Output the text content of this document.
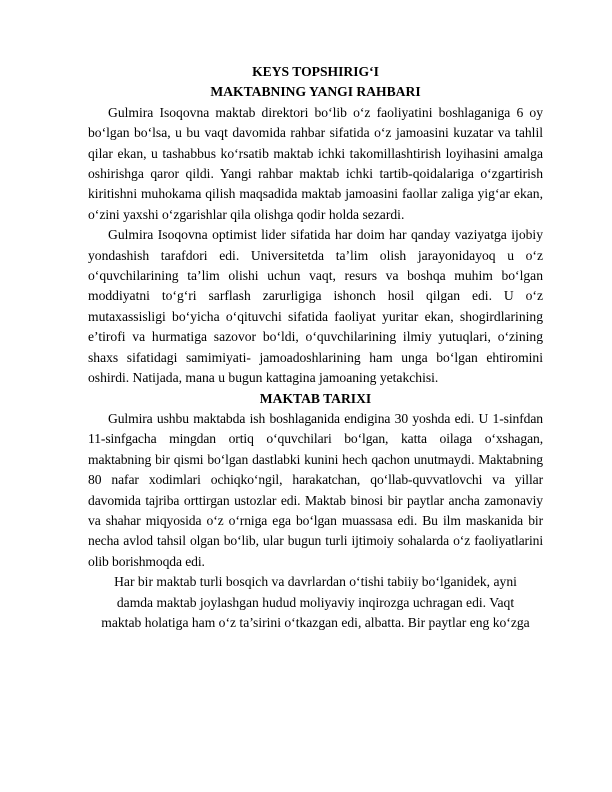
KEYS TOPSHIRIG‘I

MAKTABNING YANGI RAHBARI

Gulmira Isoqovna maktab direktori bo‘lib o‘z faoliyatini boshlaganiga 6 oy bo‘lgan bo‘lsa, u bu vaqt davomida rahbar sifatida o‘z jamoasini kuzatar va tahlil qilar ekan, u tashabbus ko‘rsatib maktab ichki takomillashtirish loyihasini amalga oshirishga qaror qildi. Yangi rahbar maktab ichki tartib-qoidalariga o‘zgartirish kiritishni muhokama qilish maqsadida maktab jamoasini faollar zaliga yig‘ar ekan, o‘zini yaxshi o‘zgarishlar qila olishga qodir holda sezardi.

Gulmira Isoqovna optimist lider sifatida har doim har qanday vaziyatga ijobiy yondashish tarafdori edi. Universitetda ta’lim olish jarayonidayoq u o‘z o‘quvchilarining ta’lim olishi uchun vaqt, resurs va boshqa muhim bo‘lgan moddiyatni to‘g‘ri sarflash zarurligiga ishonch hosil qilgan edi. U o‘z mutaxassisligi bo‘yicha o‘qituvchi sifatida faoliyat yuritar ekan, shogirdlarining e’tirofi va hurmatiga sazovor bo‘ldi, o‘quvchilarining ilmiy yutuqlari, o‘zining shaxs sifatidagi samimiyati- jamoadoshlarining ham unga bo‘lgan ehtiromini oshirdi. Natijada, mana u bugun kattagina jamoaning yetakchisi.

MAKTAB TARIXI

Gulmira ushbu maktabda ish boshlaganida endigina 30 yoshda edi. U 1-sinfdan 11-sinfgacha mingdan ortiq o‘quvchilari bo‘lgan, katta oilaga o‘xshagan, maktabning bir qismi bo‘lgan dastlabki kunini hech qachon unutmaydi. Maktabning 80 nafar xodimlari ochiqko‘ngil, harakatchan, qo‘llab-quvvatlovchi va yillar davomida tajriba orttirgan ustozlar edi. Maktab binosi bir paytlar ancha zamonaviy va shahar miqyosida o‘z o‘rniga ega bo‘lgan muassasa edi. Bu ilm maskanida bir necha avlod tahsil olgan bo‘lib, ular bugun turli ijtimoiy sohalarda o‘z faoliyatlarini olib borishmoqda edi.

Har bir maktab turli bosqich va davrlardan o‘tishi tabiiy bo‘lganidek, ayni

damda maktab joylashgan hudud moliyaviy inqirozga uchragan edi. Vaqt

maktab holatiga ham o‘z ta’sirini o‘tkazgan edi, albatta. Bir paytlar eng ko‘zga
